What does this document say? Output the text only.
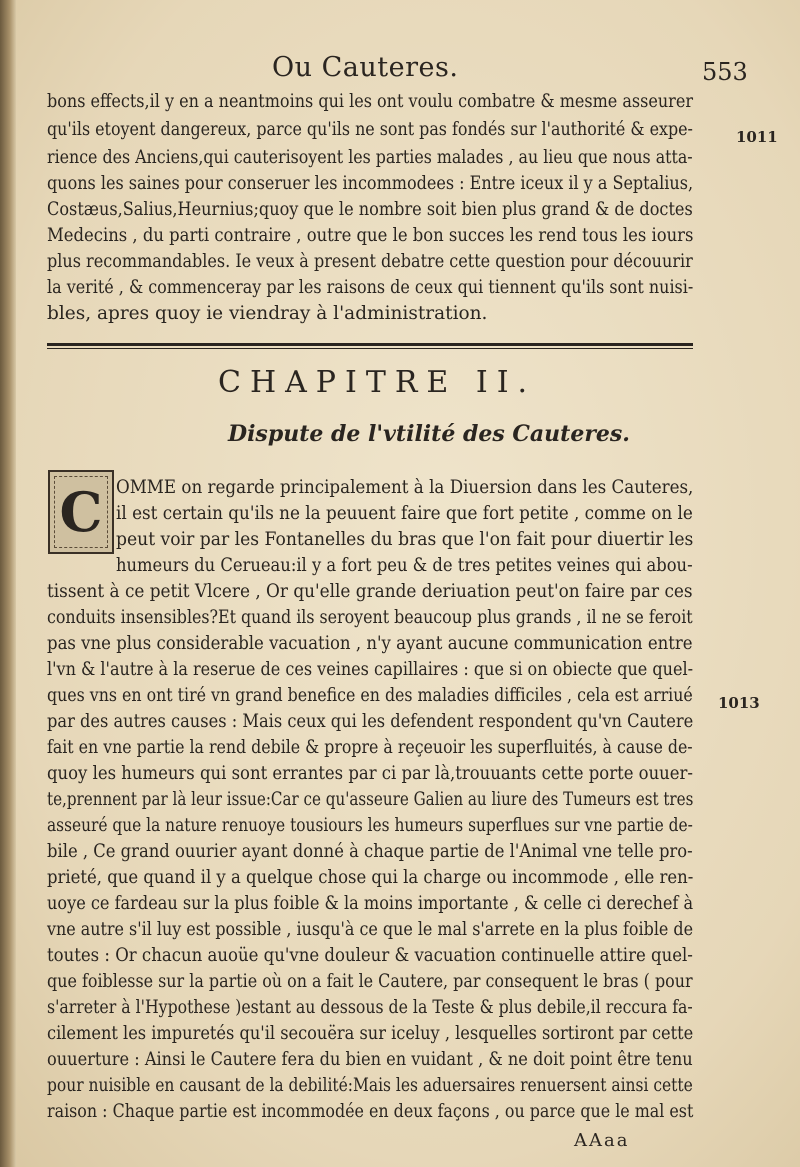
Ou Cauteres.	553
bons effects,il y en a neantmoins qui les ont voulu combatre & mesme asseurer
qu'ils etoyent dangereux, parce qu'ils ne sont pas fondés sur l'authorité & expe-
rience des Anciens,qui cauterisoyent les parties malades , au lieu que nous atta-
quons les saines pour conseruer les incommodees : Entre iceux il y a Septalius,
Costæus,Salius,Heurnius;quoy que le nombre soit bien plus grand & de doctes
Medecins , du parti contraire , outre que le bon succes les rend tous les iours
plus recommandables. Ie veux à present debatre cette question pour découurir
la verité , & commenceray par les raisons de ceux qui tiennent qu'ils sont nuisi-
bles, apres quoy ie viendray à l'administration.
1011
CHAPITRE II.
Dispute de l'vtilité des Cauteres.
C OMME on regarde principalement à la Diuersion dans les Cauteres,
il est certain qu'ils ne la peuuent faire que fort petite , comme on le
peut voir par les Fontanelles du bras que l'on fait pour diuertir les
humeurs du Cerueau:il y a fort peu & de tres petites veines qui abou-
tissent à ce petit Vlcere , Or qu'elle grande deriuation peut'on faire par ces
conduits insensibles?Et quand ils seroyent beaucoup plus grands , il ne se feroit
pas vne plus considerable vacuation , n'y ayant aucune communication entre
l'vn & l'autre à la reserue de ces veines capillaires : que si on obiecte que quel-
ques vns en ont tiré vn grand benefice en des maladies difficiles , cela est arriué
par des autres causes : Mais ceux qui les defendent respondent qu'vn Cautere
fait en vne partie la rend debile & propre à reçeuoir les superfluités, à cause de-
quoy les humeurs qui sont errantes par ci par là,trouuants cette porte ouuer-
te,prennent par là leur issue:Car ce qu'asseure Galien au liure des Tumeurs est tres
asseuré que la nature renuoye tousiours les humeurs superflues sur vne partie de-
bile , Ce grand ouurier ayant donné à chaque partie de l'Animal vne telle pro-
prieté, que quand il y a quelque chose qui la charge ou incommode , elle ren-
uoye ce fardeau sur la plus foible & la moins importante , & celle ci derechef à
vne autre s'il luy est possible , iusqu'à ce que le mal s'arrete en la plus foible de
toutes : Or chacun auoüe qu'vne douleur & vacuation continuelle attire quel-
que foiblesse sur la partie où on a fait le Cautere, par consequent le bras ( pour
s'arreter à l'Hypothese )estant au dessous de la Teste & plus debile,il reccura fa-
cilement les impuretés qu'il secouëra sur iceluy , lesquelles sortiront par cette
ouuerture : Ainsi le Cautere fera du bien en vuidant , & ne doit point être tenu
pour nuisible en causant de la debilité:Mais les aduersaires renuersent ainsi cette
raison : Chaque partie est incommodée en deux façons , ou parce que le mal est
1013
AAaa
